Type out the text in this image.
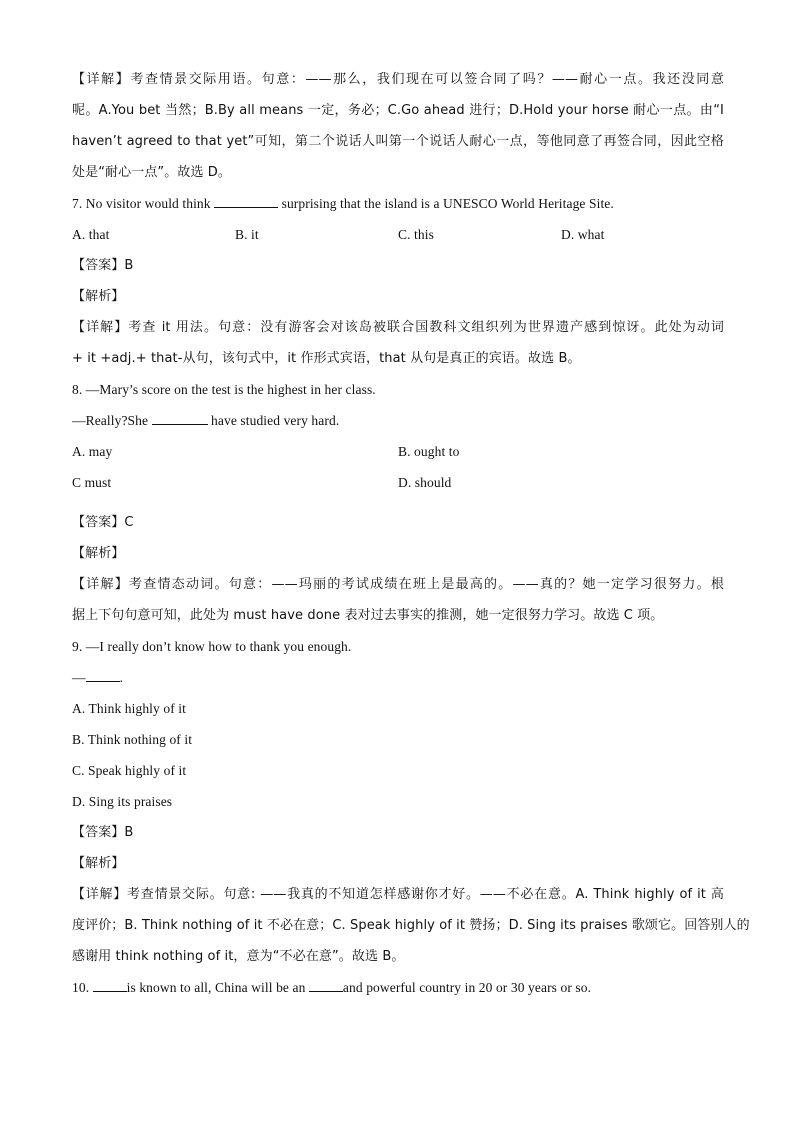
【详解】考查情景交际用语。句意：——那么，我们现在可以签合同了吗？——耐心一点。我还没同意
呢。A.You bet 当然；B.By all means 一定，务必；C.Go ahead 进行；D.Hold your horse 耐心一点。由“I
haven’t agreed to that yet”可知，第二个说话人叫第一个说话人耐心一点，等他同意了再签合同，因此空格
处是“耐心一点”。故选 D。
7. No visitor would think	surprising that the island is a UNESCO World Heritage Site.
A. that	B. it	C. this	D. what
【答案】B
【解析】
【详解】考查 it 用法。句意：没有游客会对该岛被联合国教科文组织列为世界遗产感到惊讶。此处为动词
+ it +adj.+ that-从句，该句式中，it 作形式宾语，that 从句是真正的宾语。故选 B。
8. —Mary’s score on the test is the highest in her class.
—Really?She	have studied very hard.
A. may	B. ought to
C must	D. should
【答案】C
【解析】
【详解】考查情态动词。句意：——玛丽的考试成绩在班上是最高的。——真的？她一定学习很努力。根
据上下句句意可知，此处为 must have done 表对过去事实的推测，她一定很努力学习。故选 C 项。
9. —I really don’t know how to thank you enough.
—	.
A. Think highly of it
B. Think nothing of it
C. Speak highly of it
D. Sing its praises
【答案】B
【解析】
【详解】考查情景交际。句意: ——我真的不知道怎样感谢你才好。——不必在意。A. Think highly of it 高
度评价；B. Think nothing of it 不必在意；C. Speak highly of it 赞扬；D. Sing its praises 歌颂它。回答别人的
感谢用 think nothing of it，意为“不必在意”。故选 B。
10.	is known to all, China will be an	and powerful country in 20 or 30 years or so.
